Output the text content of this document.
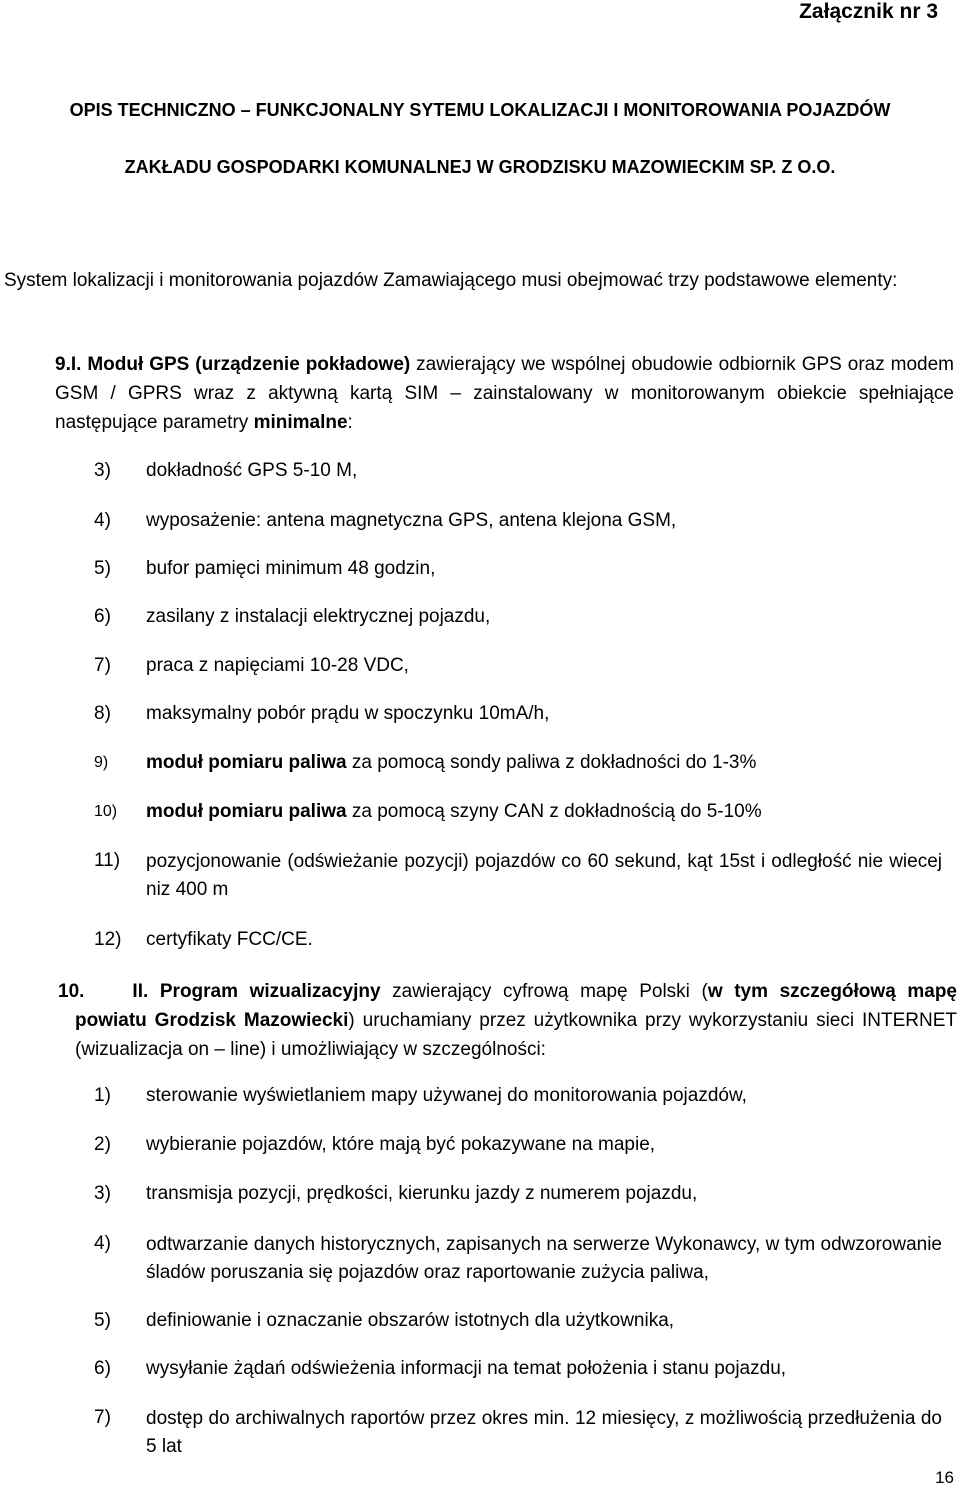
Załącznik nr 3
OPIS TECHNICZNO – FUNKCJONALNY SYTEMU LOKALIZACJI I MONITOROWANIA POJAZDÓW
ZAKŁADU GOSPODARKI KOMUNALNEJ W GRODZISKU MAZOWIECKIM SP. Z O.O.
System lokalizacji i monitorowania pojazdów Zamawiającego musi obejmować trzy podstawowe elementy:
9.I. Moduł GPS (urządzenie pokładowe) zawierający we wspólnej obudowie odbiornik GPS oraz modem GSM / GPRS wraz z aktywną kartą SIM – zainstalowany w monitorowanym obiekcie spełniające następujące parametry minimalne:
3) dokładność GPS 5-10 M,
4) wyposażenie: antena magnetyczna GPS, antena klejona GSM,
5) bufor pamięci minimum 48 godzin,
6) zasilany z instalacji elektrycznej pojazdu,
7) praca z napięciami 10-28 VDC,
8) maksymalny pobór prądu w spoczynku 10mA/h,
9) moduł pomiaru paliwa za pomocą sondy paliwa z dokładności do 1-3%
10) moduł pomiaru paliwa za pomocą szyny CAN z dokładnością do 5-10%
11) pozycjonowanie (odświeżanie pozycji) pojazdów co 60 sekund, kąt 15st i odległość nie wiecej niz 400 m
12) certyfikaty FCC/CE.
10.	II. Program wizualizacyjny zawierający cyfrową mapę Polski (w tym szczegółową mapę powiatu Grodzisk Mazowiecki) uruchamiany przez użytkownika przy wykorzystaniu sieci INTERNET (wizualizacja on – line) i umożliwiający w szczególności:
1) sterowanie wyświetlaniem mapy używanej do monitorowania pojazdów,
2) wybieranie pojazdów, które mają być pokazywane na mapie,
3) transmisja pozycji, prędkości, kierunku jazdy z numerem pojazdu,
4) odtwarzanie danych historycznych, zapisanych na serwerze Wykonawcy, w tym odwzorowanie śladów poruszania się pojazdów oraz raportowanie zużycia paliwa,
5) definiowanie i oznaczanie obszarów istotnych dla użytkownika,
6) wysyłanie żądań odświeżenia informacji na temat położenia i stanu pojazdu,
7) dostęp do archiwalnych raportów przez okres min. 12 miesięcy, z możliwością przedłużenia do 5 lat
16
